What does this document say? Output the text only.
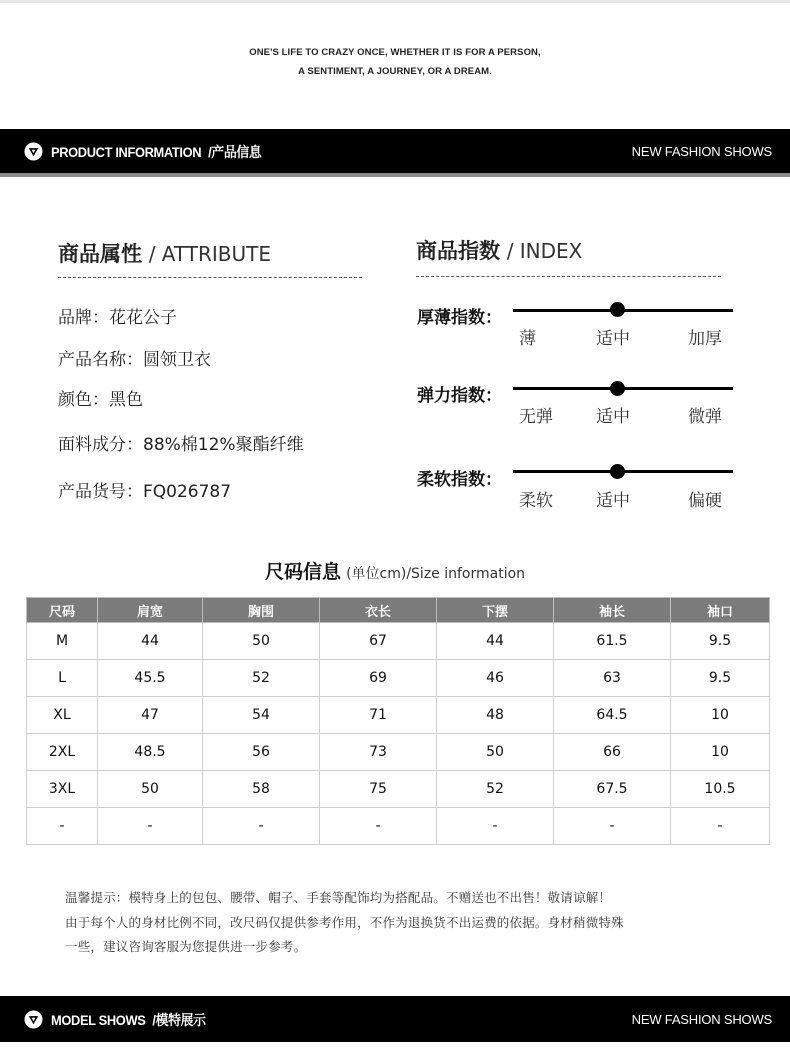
ONE'S LIFE TO CRAZY ONCE, WHETHER IT IS FOR A PERSON,
A SENTIMENT, A JOURNEY, OR A DREAM.
PRODUCT INFORMATION /产品信息	NEW FASHION SHOWS
商品属性 / ATTRIBUTE
品牌：花花公子
产品名称：圆领卫衣
颜色：黑色
面料成分：88%棉12%聚酯纤维
产品货号：FQ026787
商品指数 / INDEX
厚薄指数：
薄	适中	加厚
弹力指数：
无弹	适中	微弹
柔软指数：
柔软	适中	偏硬
尺码信息 (单位cm)/Size information
尺码	肩宽	胸围	衣长	下摆	袖长	袖口
M	44	50	67	44	61.5	9.5
L	45.5	52	69	46	63	9.5
XL	47	54	71	48	64.5	10
2XL	48.5	56	73	50	66	10
3XL	50	58	75	52	67.5	10.5
-	-	-	-	-	-	-
温馨提示：模特身上的包包、腰带、帽子、手套等配饰均为搭配品。不赠送也不出售！敬请谅解！
由于每个人的身材比例不同，改尺码仅提供参考作用，不作为退换货不出运费的依据。身材稍微特殊
一些，建议咨询客服为您提供进一步参考。
MODEL SHOWS /模特展示	NEW FASHION SHOWS
